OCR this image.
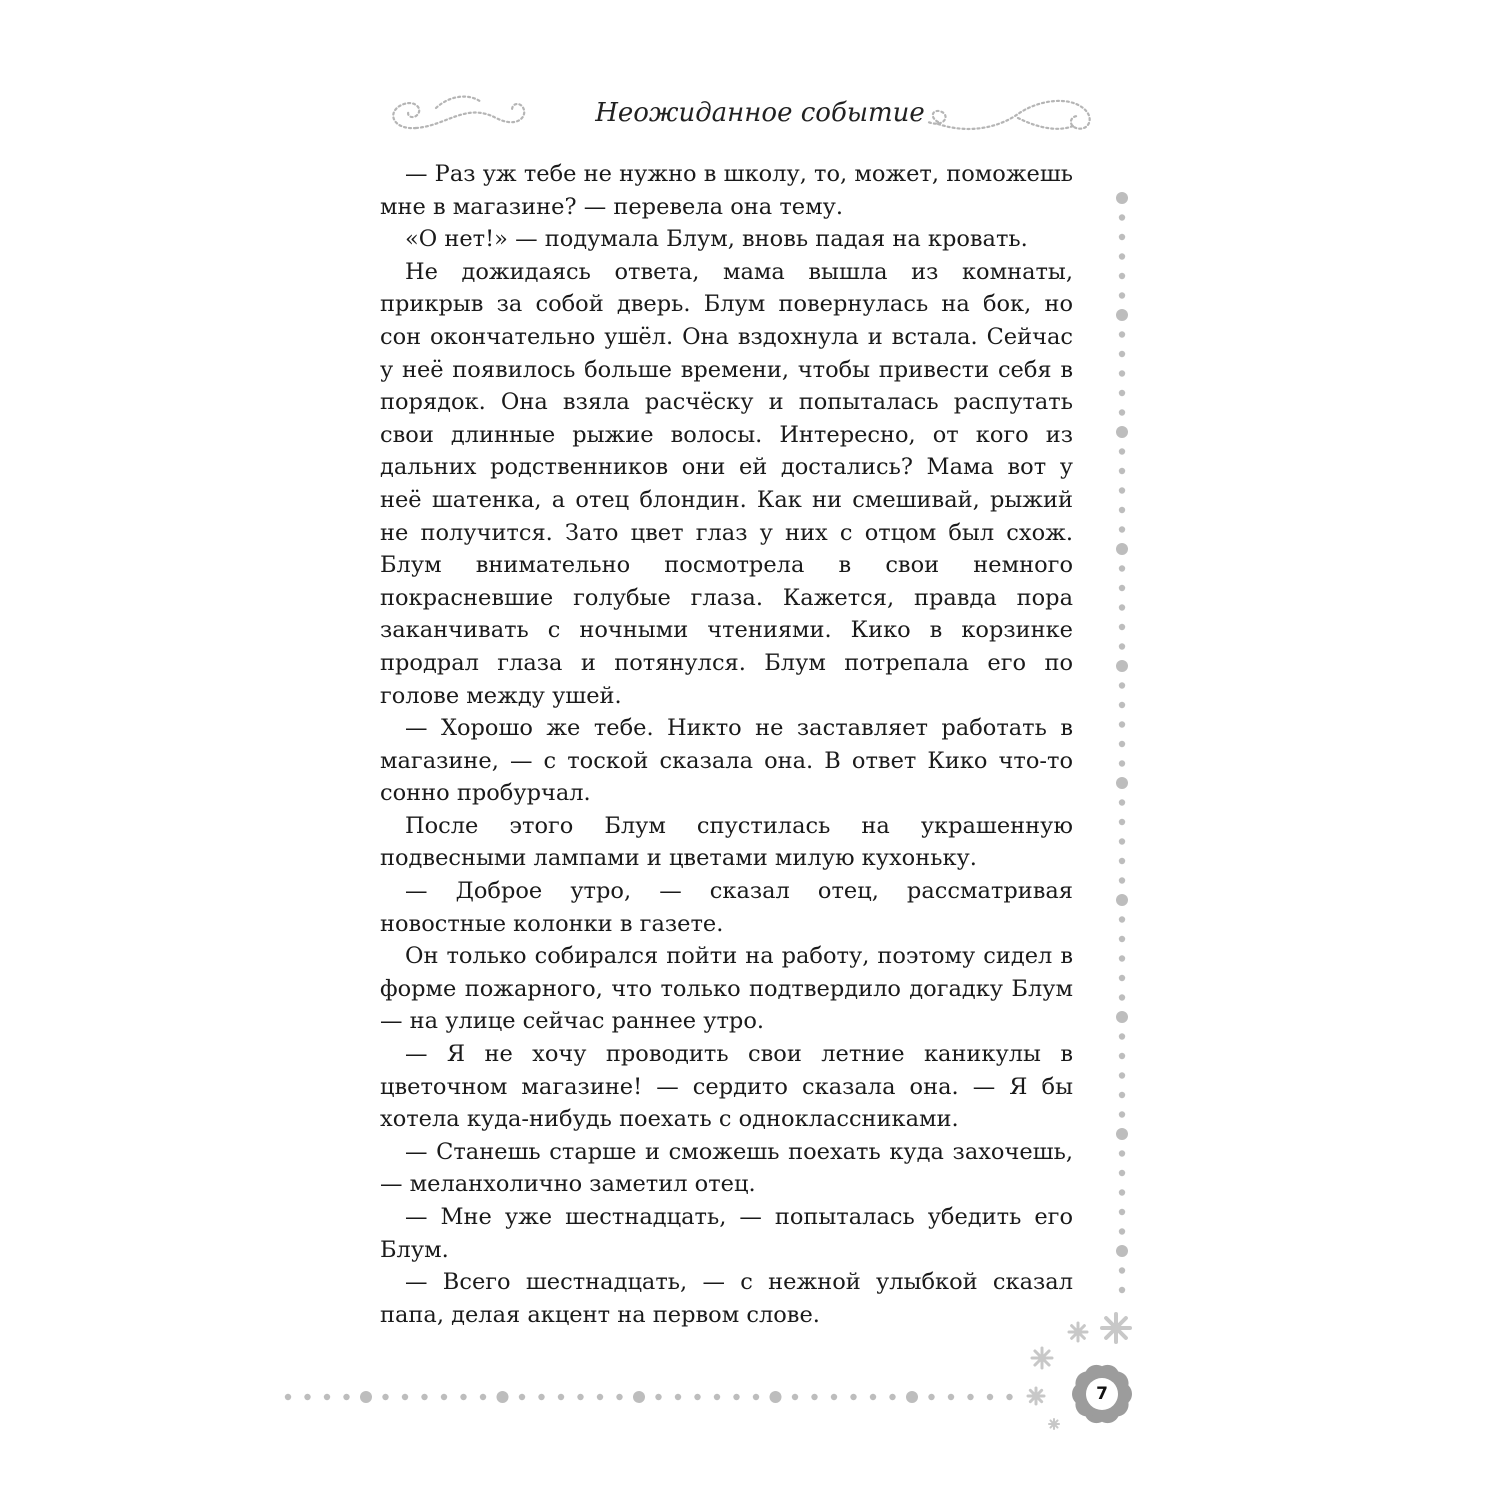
Неожиданное событие

— Раз уж тебе не нужно в школу, то, может, поможешь мне в магазине? — перевела она тему.

«О нет!» — подумала Блум, вновь падая на кровать.

Не дожидаясь ответа, мама вышла из комнаты, прикрыв за собой дверь. Блум повернулась на бок, но сон окончательно ушёл. Она вздохнула и встала. Сейчас у неё появилось больше времени, чтобы привести себя в порядок. Она взяла расчёску и попыталась распутать свои длинные рыжие волосы. Интересно, от кого из дальних родственников они ей достались? Мама вот у неё шатенка, а отец блондин. Как ни смешивай, рыжий не получится. Зато цвет глаз у них с отцом был схож. Блум внимательно посмотрела в свои немного покрасневшие голубые глаза. Кажется, правда пора заканчивать с ночными чтениями. Кико в корзинке продрал глаза и потянулся. Блум потрепала его по голове между ушей.

— Хорошо же тебе. Никто не заставляет работать в магазине, — с тоской сказала она. В ответ Кико что-то сонно пробурчал.

После этого Блум спустилась на украшенную подвесными лампами и цветами милую кухоньку.

— Доброе утро, — сказал отец, рассматривая новостные колонки в газете.

Он только собирался пойти на работу, поэтому сидел в форме пожарного, что только подтвердило догадку Блум — на улице сейчас раннее утро.

— Я не хочу проводить свои летние каникулы в цветочном магазине! — сердито сказала она. — Я бы хотела куда-нибудь поехать с одноклассниками.

— Станешь старше и сможешь поехать куда захочешь, — меланхолично заметил отец.

— Мне уже шестнадцать, — попыталась убедить его Блум.

— Всего шестнадцать, — с нежной улыбкой сказал папа, делая акцент на первом слове.

7
